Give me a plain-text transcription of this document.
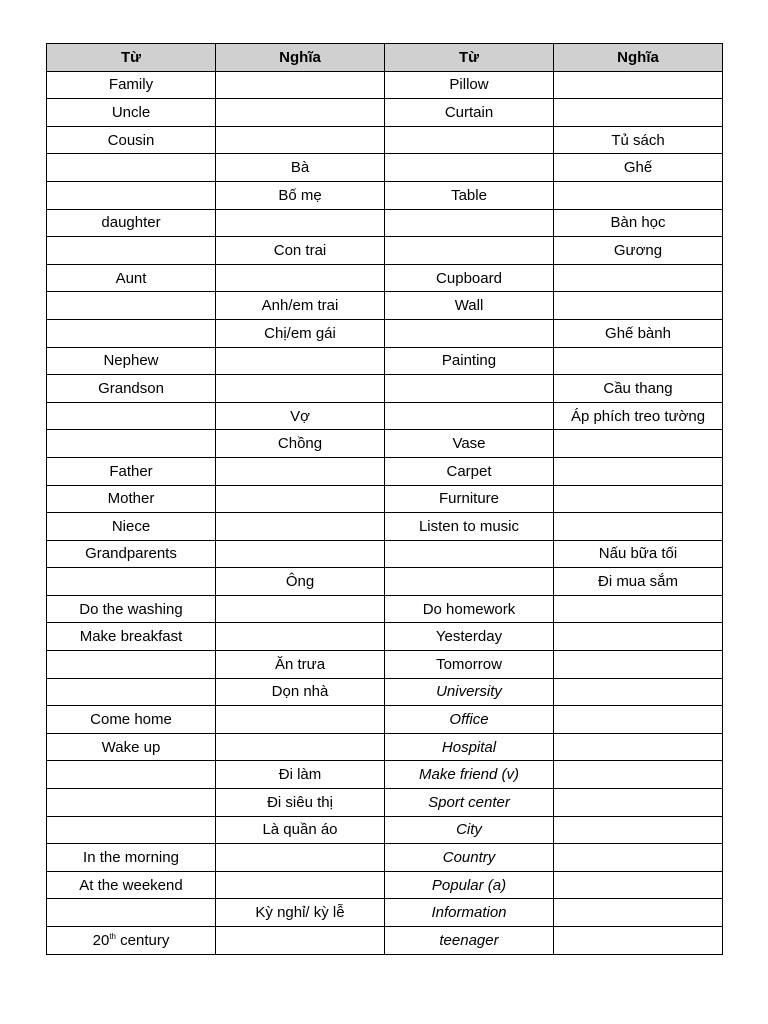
Từ	Nghĩa	Từ	Nghĩa
Family		Pillow	
Uncle		Curtain	
Cousin			Tủ sách
	Bà		Ghế
	Bố mẹ	Table	
daughter			Bàn học
	Con trai		Gương
Aunt		Cupboard	
	Anh/em trai	Wall	
	Chị/em gái		Ghế bành
Nephew		Painting	
Grandson			Cầu thang
	Vợ		Áp phích treo tường
	Chồng	Vase	
Father		Carpet	
Mother		Furniture	
Niece		Listen to music	
Grandparents			Nấu bữa tối
	Ông		Đi mua sắm
Do the washing		Do homework	
Make breakfast		Yesterday	
	Ăn trưa	Tomorrow	
	Dọn nhà	University	
Come home		Office	
Wake up		Hospital	
	Đi làm	Make friend (v)	
	Đi siêu thị	Sport center	
	Là quần áo	City	
In the morning		Country	
At the weekend		Popular (a)	
	Kỳ nghỉ/ kỳ lễ	Information	
20th century		teenager	
